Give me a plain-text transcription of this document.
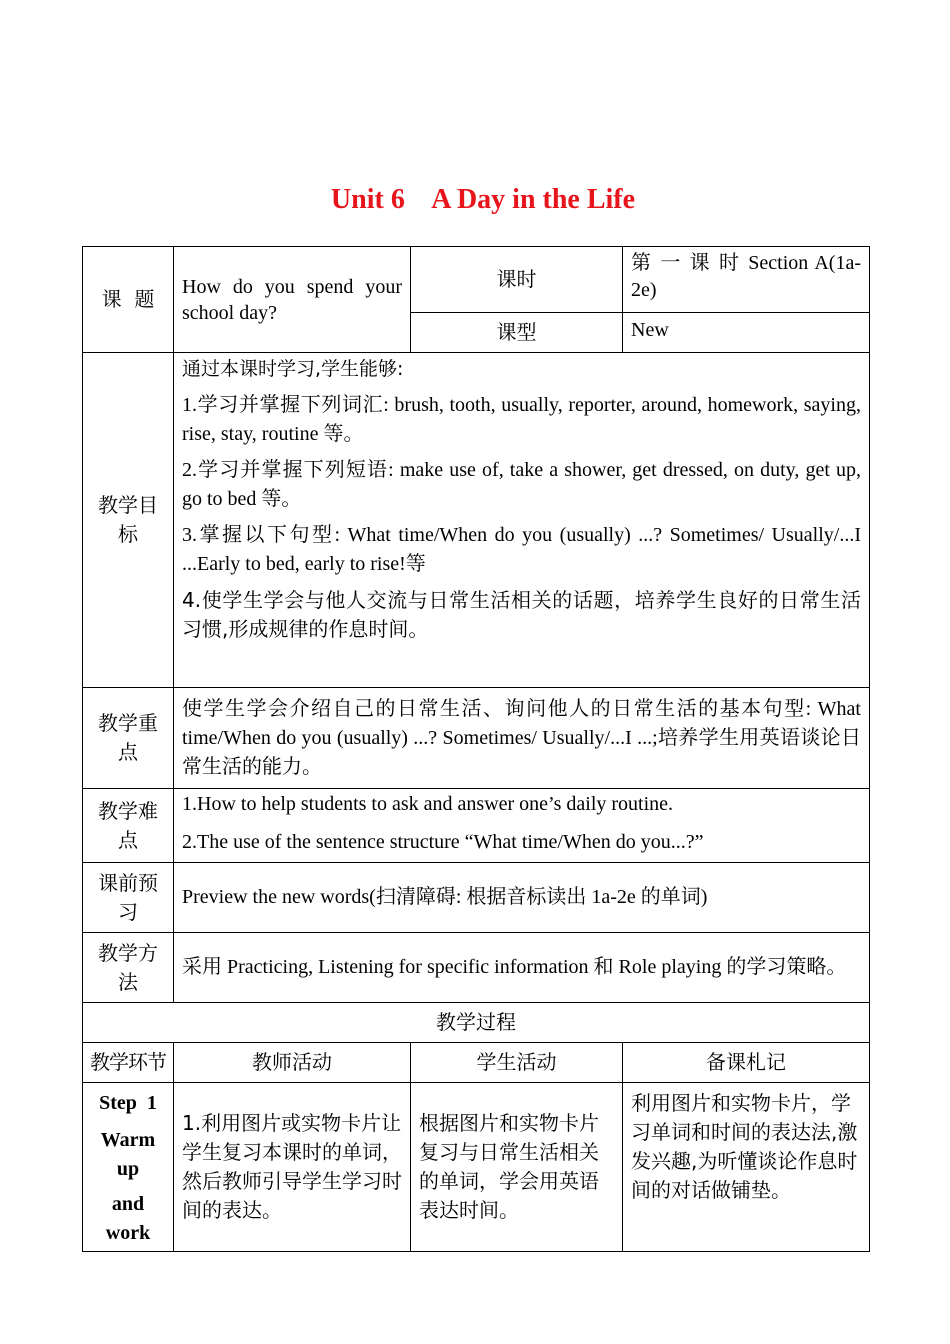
Unit 6    A Day in the Life
课  题	How do you spend your school day?	课时	第 一 课 时 Section A(1a-2e)
		课型	New
教学目标	通过本课时学习,学生能够:

1.学习并掌握下列词汇: brush, tooth, usually, reporter, around, homework, saying, rise, stay, routine 等。

2.学习并掌握下列短语: make use of, take a shower, get dressed, on duty, get up, go to bed 等。

3.掌握以下句型: What time/When do you (usually) ...? Sometimes/ Usually/...I ...Early to bed, early to rise!等

4.使学生学会与他人交流与日常生活相关的话题，培养学生良好的日常生活习惯,形成规律的作息时间。		

教学重点	使学生学会介绍自己的日常生活、询问他人的日常生活的基本句型: What time/When do you (usually) ...? Sometimes/ Usually/...I ...;培养学生用英语谈论日常生活的能力。		
教学难点	1.How to help students to ask and answer one’s daily routine.

2.The use of the sentence structure “What time/When do you...?”		

课前预习	Preview the new words(扫清障碍: 根据音标读出 1a-2e 的单词)		
教学方法	采用 Practicing, Listening for specific information 和 Role playing 的学习策略。		
教学过程			
教学环节	教师活动	学生活动	备课札记

Step  1

Warm up

and work	1.利用图片或实物卡片让学生复习本课时的单词，然后教师引导学生学习时间的表达。	根据图片和实物卡片复习与日常生活相关的单词，学会用英语表达时间。	利用图片和实物卡片，学习单词和时间的表达法,激发兴趣,为听懂谈论作息时间的对话做铺垫。
